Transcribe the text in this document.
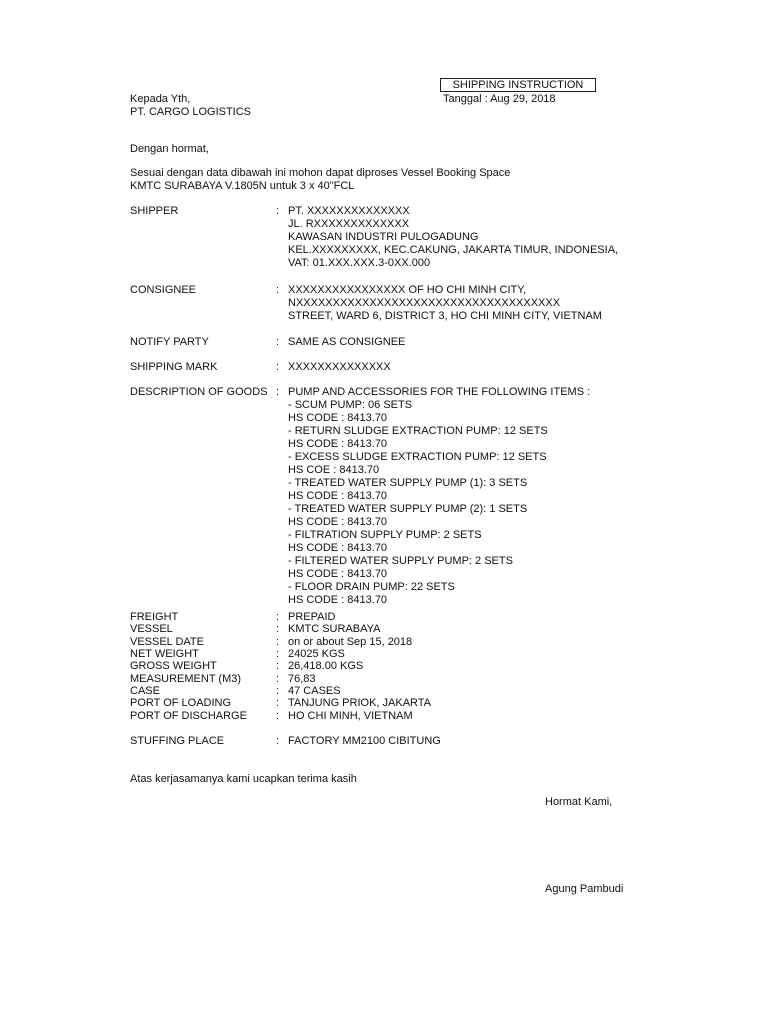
SHIPPING INSTRUCTION
Tanggal : Aug 29, 2018
Kepada Yth,
PT. CARGO LOGISTICS
Dengan hormat,
Sesuai dengan data dibawah ini mohon dapat diproses Vessel Booking Space
KMTC SURABAYA V.1805N untuk 3 x 40"FCL
SHIPPER	: PT. XXXXXXXXXXXXXX
JL. RXXXXXXXXXXXXX
KAWASAN INDUSTRI PULOGADUNG
KEL.XXXXXXXXX, KEC.CAKUNG, JAKARTA TIMUR, INDONESIA,
VAT: 01.XXX.XXX.3-0XX.000
CONSIGNEE	: XXXXXXXXXXXXXXXX OF HO CHI MINH CITY,
NXXXXXXXXXXXXXXXXXXXXXXXXXXXXXXXXXXXX
STREET, WARD 6, DISTRICT 3, HO CHI MINH CITY, VIETNAM
NOTIFY PARTY	: SAME AS CONSIGNEE
SHIPPING MARK	: XXXXXXXXXXXXXX
DESCRIPTION OF GOODS : PUMP AND ACCESSORIES FOR THE FOLLOWING ITEMS :
- SCUM PUMP: 06 SETS
HS CODE : 8413.70
- RETURN SLUDGE EXTRACTION PUMP: 12 SETS
HS CODE : 8413.70
- EXCESS SLUDGE EXTRACTION PUMP: 12 SETS
HS COE : 8413.70
- TREATED WATER SUPPLY PUMP (1): 3 SETS
HS CODE : 8413.70
- TREATED WATER SUPPLY PUMP (2): 1 SETS
HS CODE : 8413.70
- FILTRATION SUPPLY PUMP: 2 SETS
HS CODE : 8413.70
- FILTERED WATER SUPPLY PUMP: 2 SETS
HS CODE : 8413.70
- FLOOR DRAIN PUMP: 22 SETS
HS CODE : 8413.70
FREIGHT	: PREPAID
VESSEL	: KMTC SURABAYA
VESSEL DATE	: on or about Sep 15, 2018
NET WEIGHT	: 24025 KGS
GROSS WEIGHT	: 26,418.00 KGS
MEASUREMENT (M3)	: 76,83
CASE	: 47 CASES
PORT OF LOADING	: TANJUNG PRIOK, JAKARTA
PORT OF DISCHARGE	: HO CHI MINH, VIETNAM
STUFFING PLACE	: FACTORY MM2100 CIBITUNG
Atas kerjasamanya kami ucapkan terima kasih
Hormat Kami,
Agung Pambudi
